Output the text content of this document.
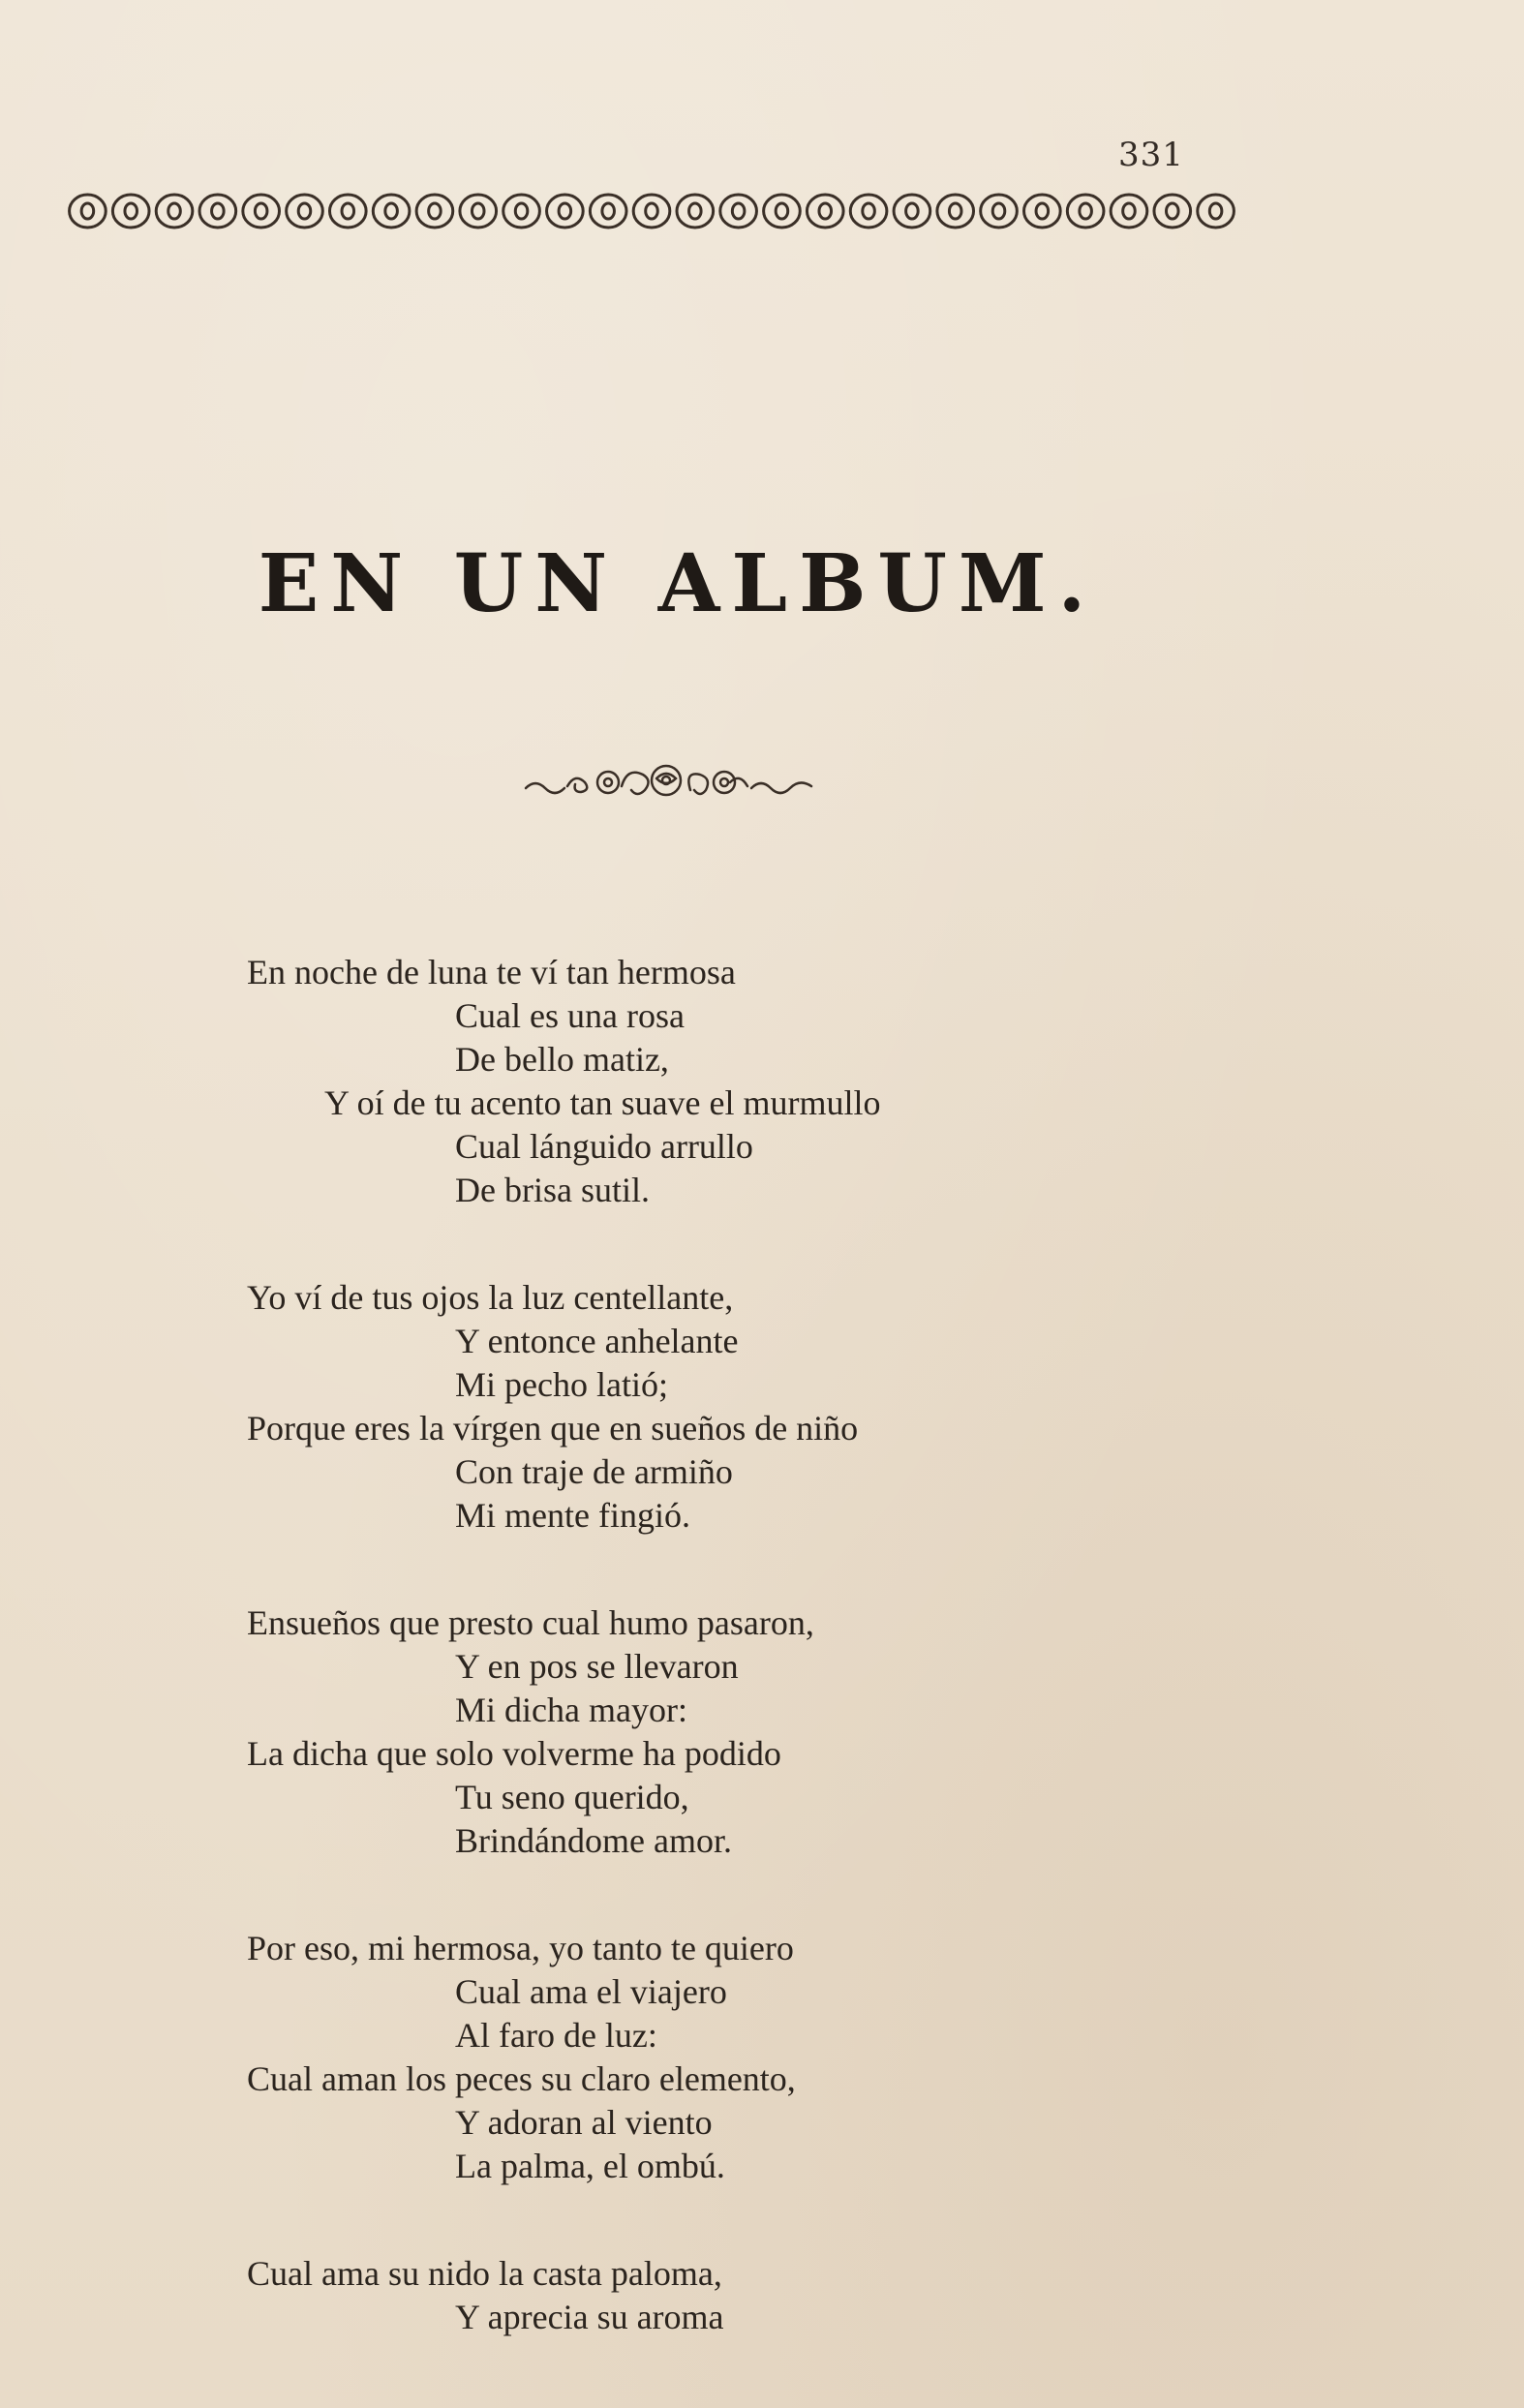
331
EN UN ALBUM.
En noche de luna te ví tan hermosa
Cual es una rosa
De bello matiz,
Y oí de tu acento tan suave el murmullo
Cual lánguido arrullo
De brisa sutil.
Yo ví de tus ojos la luz centellante,
Y entonce anhelante
Mi pecho latió;
Porque eres la vírgen que en sueños de niño
Con traje de armiño
Mi mente fingió.
Ensueños que presto cual humo pasaron,
Y en pos se llevaron
Mi dicha mayor:
La dicha que solo volverme ha podido
Tu seno querido,
Brindándome amor.
Por eso, mi hermosa, yo tanto te quiero
Cual ama el viajero
Al faro de luz:
Cual aman los peces su claro elemento,
Y adoran al viento
La palma, el ombú.
Cual ama su nido la casta paloma,
Y aprecia su aroma
